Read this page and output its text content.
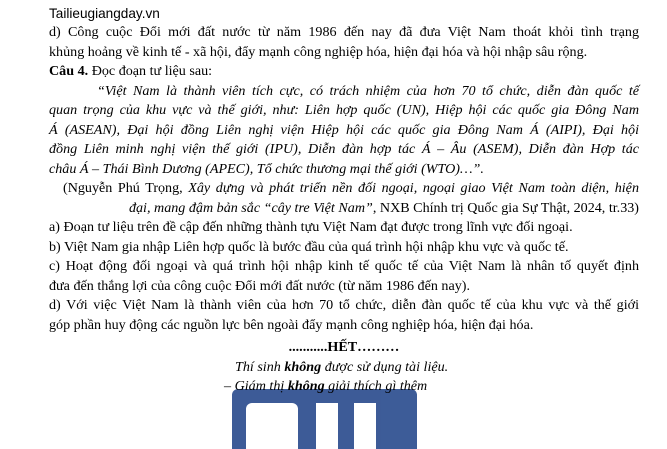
Tailieugiangday.vn

d) Công cuộc Đổi mới đất nước từ năm 1986 đến nay đã đưa Việt Nam thoát khỏi tình trạng

khủng hoảng về kinh tế - xã hội, đẩy mạnh công nghiệp hóa, hiện đại hóa và hội nhập sâu rộng.

Câu 4. Đọc đoạn tư liệu sau:

“Việt Nam là thành viên tích cực, có trách nhiệm của hơn 70 tổ chức, diễn đàn quốc tế

quan trọng của khu vực và thế giới, như: Liên hợp quốc (UN), Hiệp hội các quốc gia Đông Nam

Á (ASEAN), Đại hội đồng Liên nghị viện Hiệp hội các quốc gia Đông Nam Á (AIPI), Đại hội

đồng Liên minh nghị viện thế giới (IPU), Diễn đàn hợp tác Á – Âu (ASEM), Diễn đàn Hợp tác

châu Á – Thái Bình Dương (APEC), Tổ chức thương mại thế giới (WTO)…”.

(Nguyễn Phú Trọng, Xây dựng và phát triển nền đối ngoại, ngoại giao Việt Nam toàn diện, hiện

đại, mang đậm bản sắc “cây tre Việt Nam”, NXB Chính trị Quốc gia Sự Thật, 2024, tr.33)

a) Đoạn tư liệu trên đề cập đến những thành tựu Việt Nam đạt được trong lĩnh vực đối ngoại.

b) Việt Nam gia nhập Liên hợp quốc là bước đầu của quá trình hội nhập khu vực và quốc tế.

c) Hoạt động đối ngoại và quá trình hội nhập kinh tế quốc tế của Việt Nam là nhân tố quyết định

đưa đến thắng lợi của công cuộc Đổi mới đất nước (từ năm 1986 đến nay).

d) Với việc Việt Nam là thành viên của hơn 70 tổ chức, diễn đàn quốc tế của khu vực và thế giới

góp phần huy động các nguồn lực bên ngoài đẩy mạnh công nghiệp hóa, hiện đại hóa.

...........HẾT………

Thí sinh không được sử dụng tài liệu.

– Giám thị không giải thích gì thêm
